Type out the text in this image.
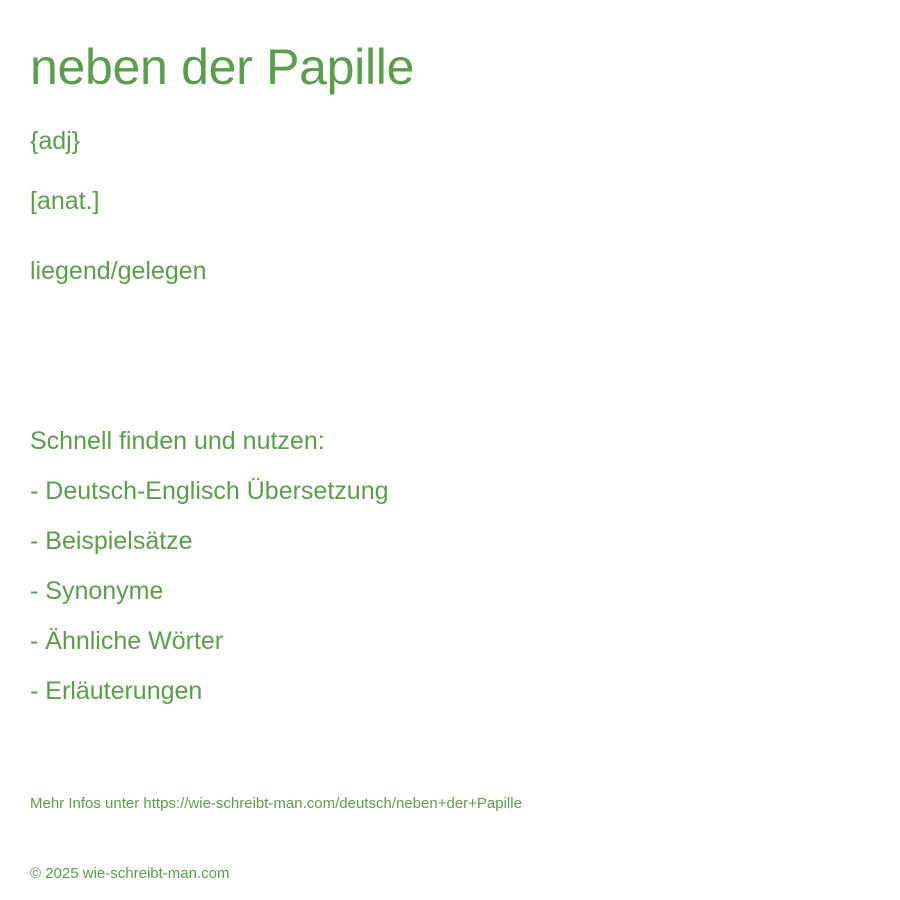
neben der Papille
{adj}
[anat.]
liegend/gelegen
Schnell finden und nutzen:
- Deutsch-Englisch Übersetzung
- Beispielsätze
- Synonyme
- Ähnliche Wörter
- Erläuterungen
Mehr Infos unter https://wie-schreibt-man.com/deutsch/neben+der+Papille
© 2025 wie-schreibt-man.com
